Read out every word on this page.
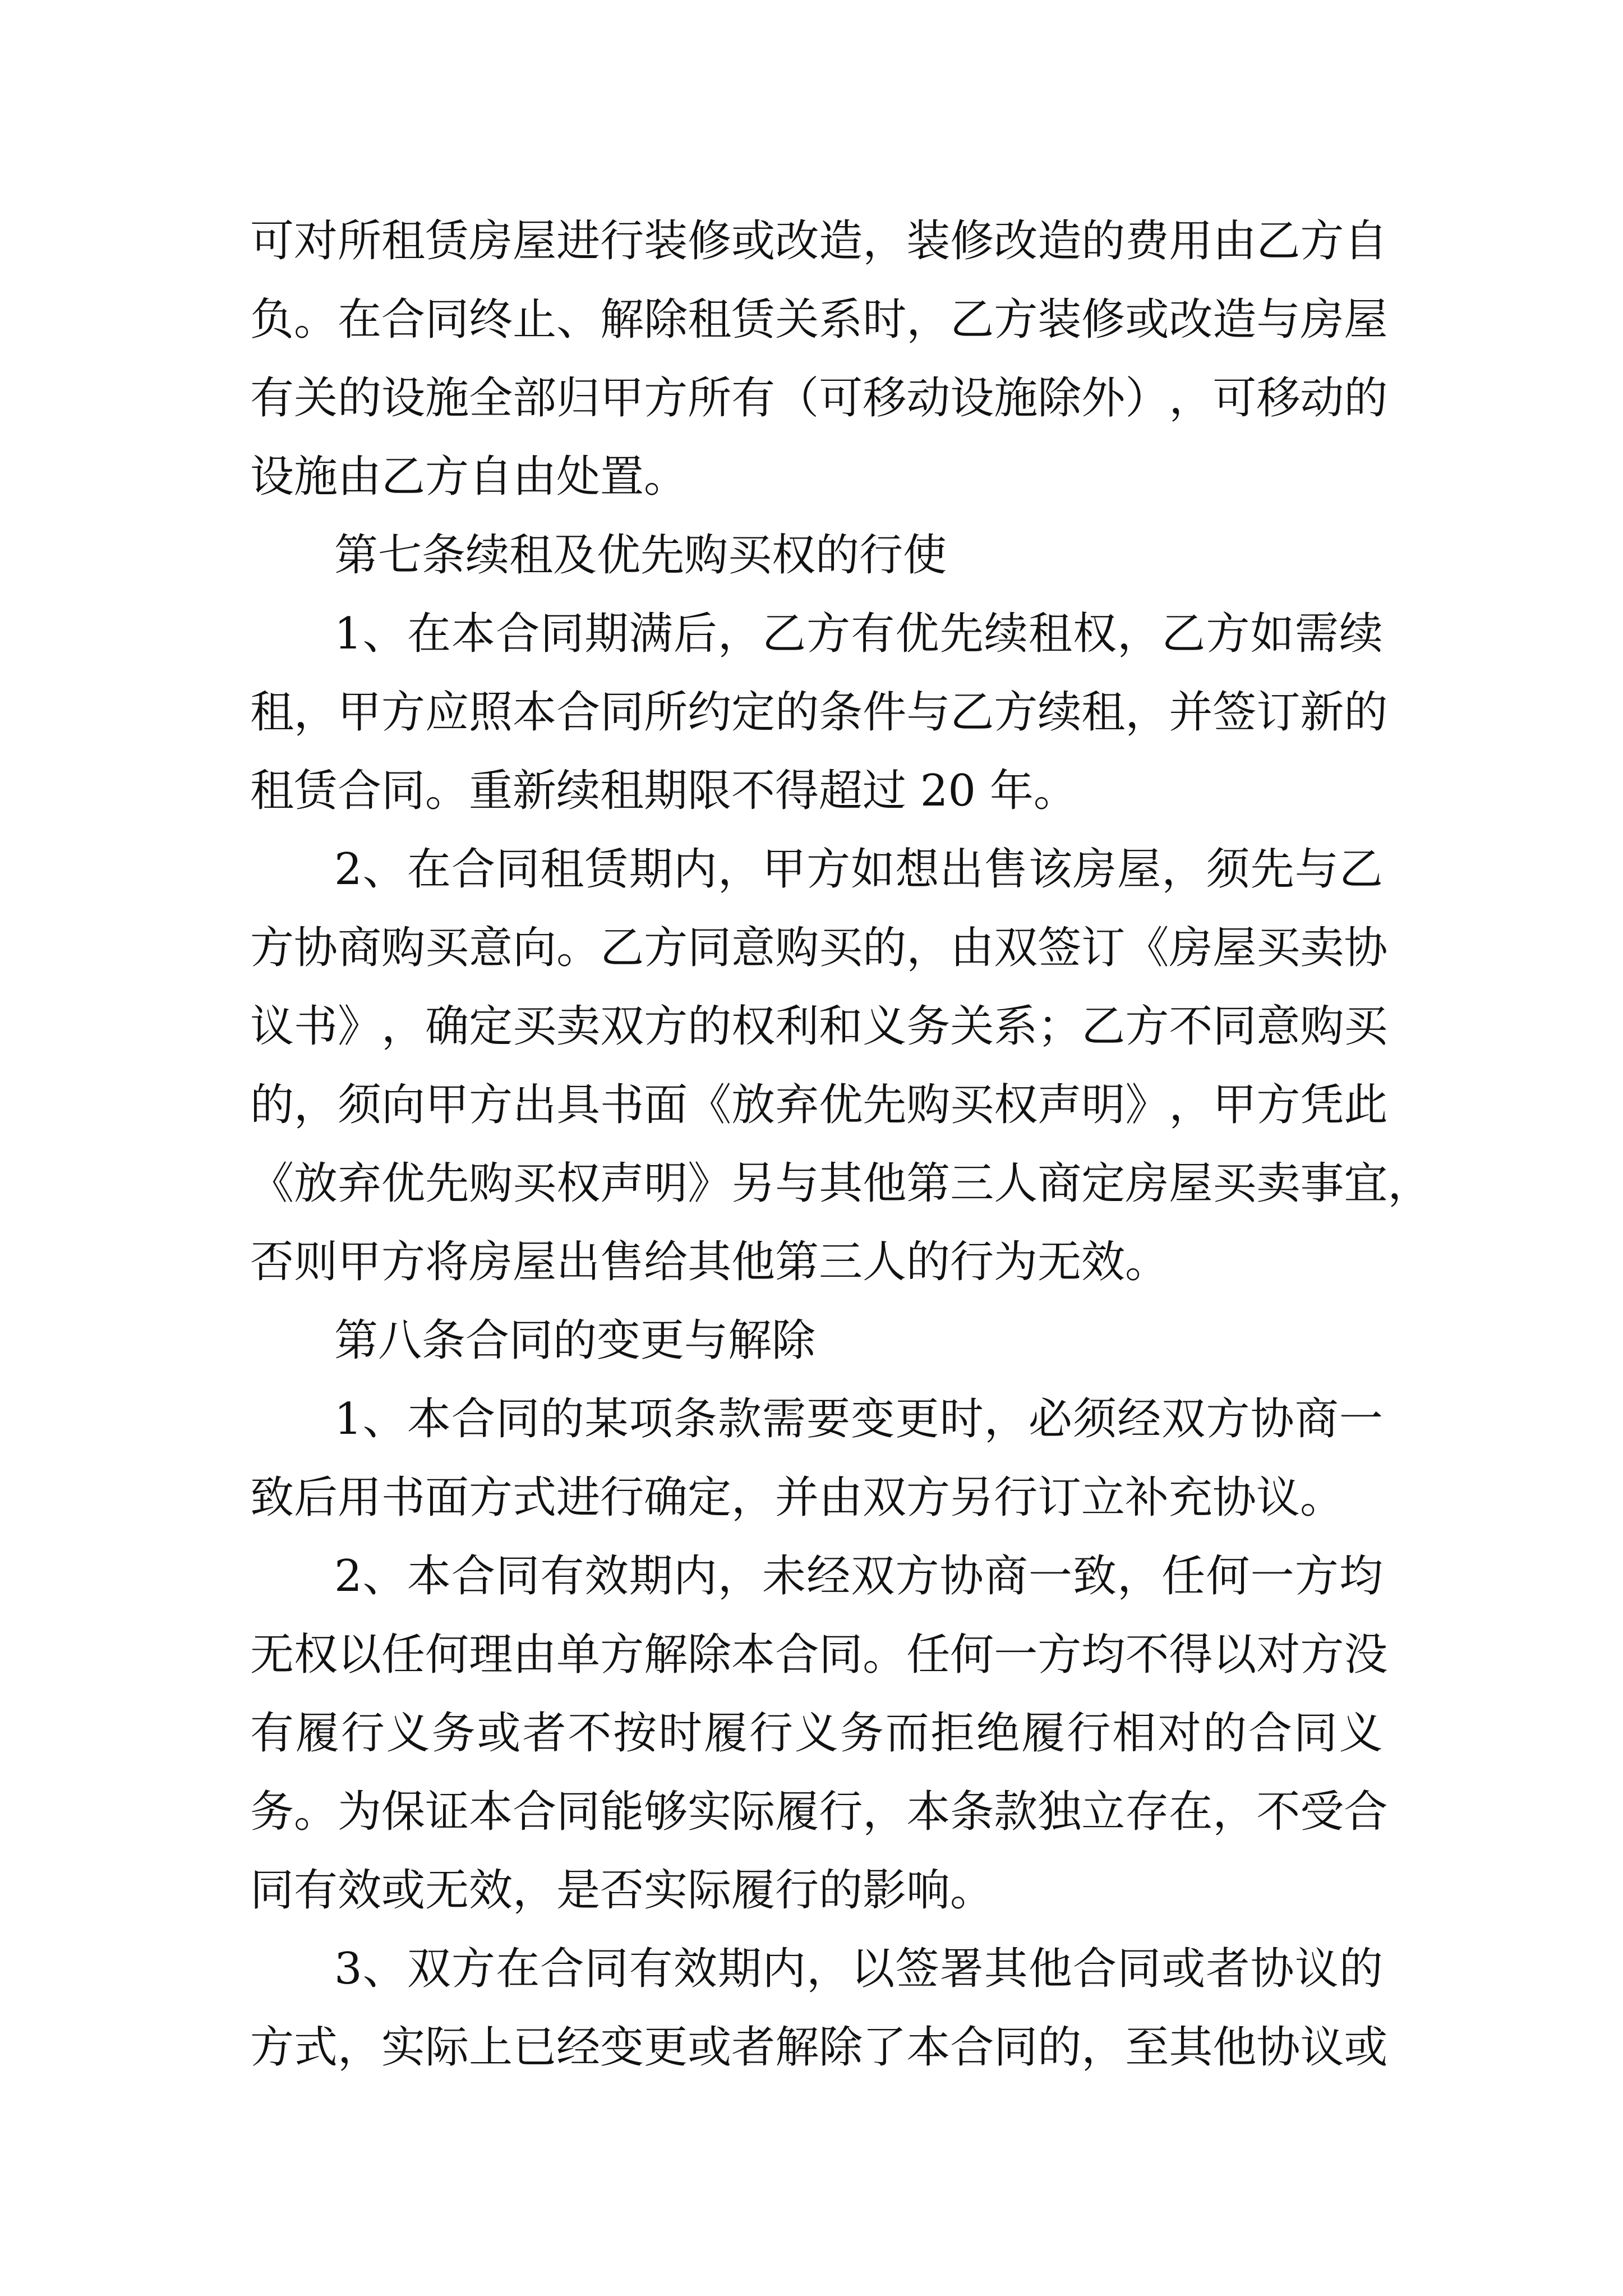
可 对 所 租 赁 房 屋 进 行 装 修 或 改 造 ， 装 修 改 造 的 费 用 由 乙 方 自
负 。 在 合 同 终 止 、 解 除 租 赁 关 系 时 ， 乙 方 装 修 或 改 造 与 房 屋
有 关 的 设 施 全 部 归 甲 方 所 有 （ 可 移 动 设 施 除 外 ） ， 可 移 动 的
设施由乙方自由处置。
第七条续租及优先购买权的行使
1 、 在 本 合 同 期 满 后 ， 乙 方 有 优 先 续 租 权 ， 乙 方 如 需 续
租 ， 甲 方 应 照 本 合 同 所 约 定 的 条 件 与 乙 方 续 租 ， 并 签 订 新 的
租赁合同。重新续租期限不得超过 20 年。
2 、 在 合 同 租 赁 期 内 ， 甲 方 如 想 出 售 该 房 屋 ， 须 先 与 乙
方 协 商 购 买 意 向 。 乙 方 同 意 购 买 的 ， 由 双 签 订 《 房 屋 买 卖 协
议 书 》 ， 确 定 买 卖 双 方 的 权 利 和 义 务 关 系 ； 乙 方 不 同 意 购 买
的 ， 须 向 甲 方 出 具 书 面 《 放 弃 优 先 购 买 权 声 明 》 ， 甲 方 凭 此
《 放 弃 优 先 购 买 权 声 明 》 另 与 其 他 第 三 人 商 定 房 屋 买 卖 事 宜 ，
否则甲方将房屋出售给其他第三人的行为无效。
第八条合同的变更与解除
1 、 本 合 同 的 某 项 条 款 需 要 变 更 时 ， 必 须 经 双 方 协 商 一
致后用书面方式进行确定，并由双方另行订立补充协议。
2 、 本 合 同 有 效 期 内 ， 未 经 双 方 协 商 一 致 ， 任 何 一 方 均
无 权 以 任 何 理 由 单 方 解 除 本 合 同 。 任 何 一 方 均 不 得 以 对 方 没
有 履 行 义 务 或 者 不 按 时 履 行 义 务 而 拒 绝 履 行 相 对 的 合 同 义
务 。 为 保 证 本 合 同 能 够 实 际 履 行 ， 本 条 款 独 立 存 在 ， 不 受 合
同有效或无效，是否实际履行的影响。
3 、 双 方 在 合 同 有 效 期 内 ， 以 签 署 其 他 合 同 或 者 协 议 的
方 式 ， 实 际 上 已 经 变 更 或 者 解 除 了 本 合 同 的 ， 至 其 他 协 议 或
